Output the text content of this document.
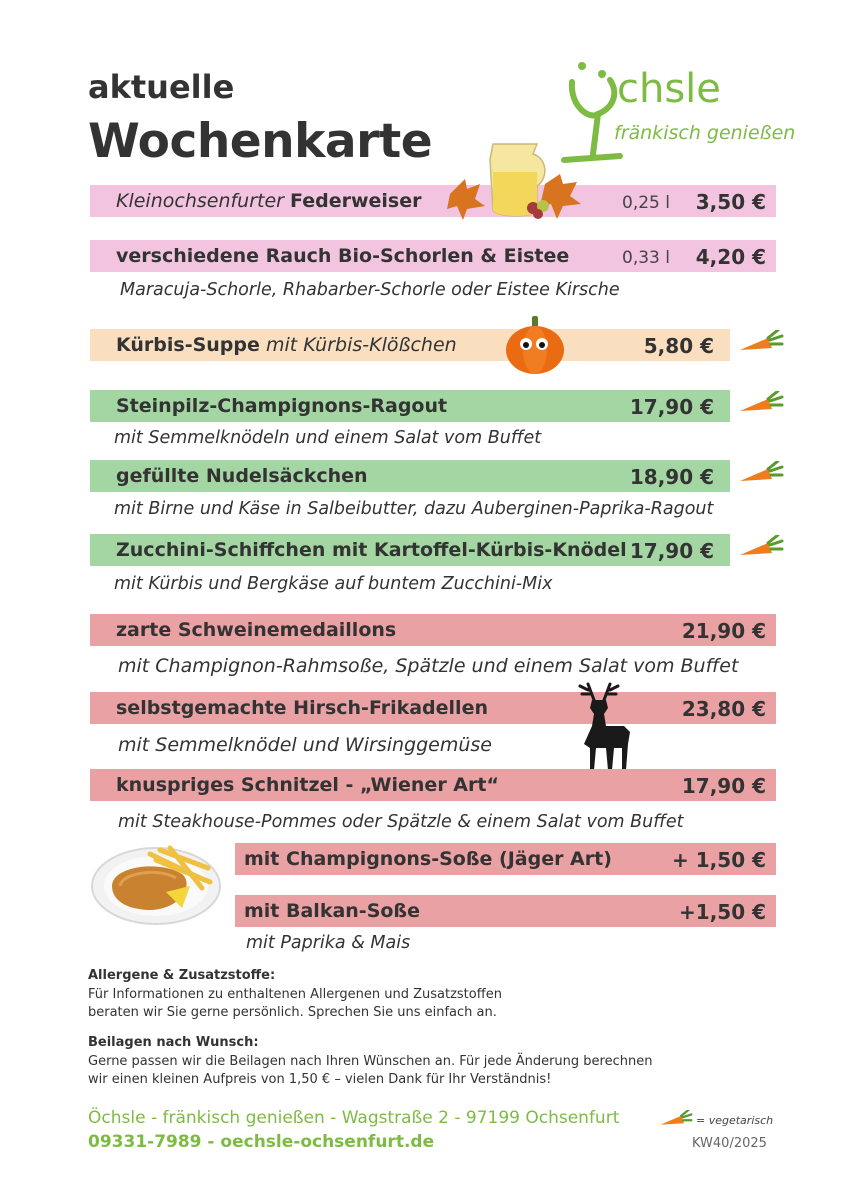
aktuelle
Wochenkarte
chsle
fränkisch genießen
Kleinochsenfurter Federweiser	0,25 l 3,50 €
verschiedene Rauch Bio-Schorlen & Eistee	0,33 l 4,20 €
Maracuja-Schorle, Rhabarber-Schorle oder Eistee Kirsche
Kürbis-Suppe mit Kürbis-Klößchen	5,80 €
Steinpilz-Champignons-Ragout	17,90 €
mit Semmelknödeln und einem Salat vom Buffet
gefüllte Nudelsäckchen	18,90 €
mit Birne und Käse in Salbeibutter, dazu Auberginen-Paprika-Ragout
Zucchini-Schiffchen mit Kartoffel-Kürbis-Knödel 17,90 €
mit Kürbis und Bergkäse auf buntem Zucchini-Mix
zarte Schweinemedaillons	21,90 €
mit Champignon-Rahmsoße, Spätzle und einem Salat vom Buffet
selbstgemachte Hirsch-Frikadellen	23,80 €
mit Semmelknödel und Wirsinggemüse
knuspriges Schnitzel - „Wiener Art“	17,90 €
mit Steakhouse-Pommes oder Spätzle & einem Salat vom Buffet
mit Champignons-Soße (Jäger Art)	+ 1,50 €
mit Balkan-Soße	+1,50 €
mit Paprika & Mais
Allergene & Zusatzstoffe:
Für Informationen zu enthaltenen Allergenen und Zusatzstoffen
beraten wir Sie gerne persönlich. Sprechen Sie uns einfach an.
Beilagen nach Wunsch:
Gerne passen wir die Beilagen nach Ihren Wünschen an. Für jede Änderung berechnen
wir einen kleinen Aufpreis von 1,50 € – vielen Dank für Ihr Verständnis!
Öchsle - fränkisch genießen - Wagstraße 2 - 97199 Ochsenfurt
09331-7989 - oechsle-ochsenfurt.de
= vegetarisch
KW40/2025
